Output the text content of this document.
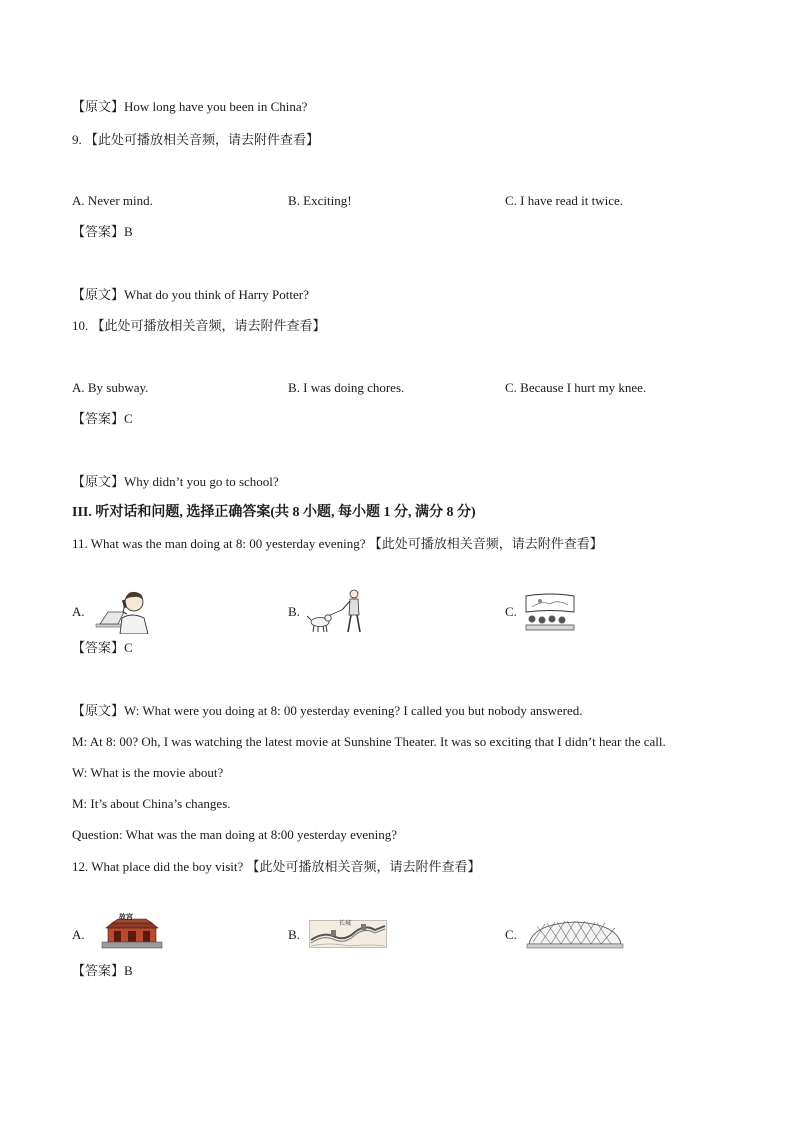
【原文】How long have you been in China?
9. 【此处可播放相关音频，请去附件查看】
A. Never mind.	B. Exciting!	C. I have read it twice.
【答案】B
【原文】What do you think of Harry Potter?
10. 【此处可播放相关音频，请去附件查看】
A. By subway.	B. I was doing chores.	C. Because I hurt my knee.
【答案】C
【原文】Why didn’t you go to school?
III. 听对话和问题, 选择正确答案(共 8 小题, 每小题 1 分, 满分 8 分)
11. What was the man doing at 8: 00 yesterday evening? 【此处可播放相关音频，请去附件查看】
A.	B.	C.
【答案】C
【原文】W: What were you doing at 8: 00 yesterday evening? I called you but nobody answered.
M: At 8: 00? Oh, I was watching the latest movie at Sunshine Theater. It was so exciting that I didn’t hear the call.
W: What is the movie about?
M: It’s about China’s changes.
Question: What was the man doing at 8:00 yesterday evening?
12. What place did the boy visit? 【此处可播放相关音频，请去附件查看】
A.
故宫
B.
长城
C.
【答案】B
